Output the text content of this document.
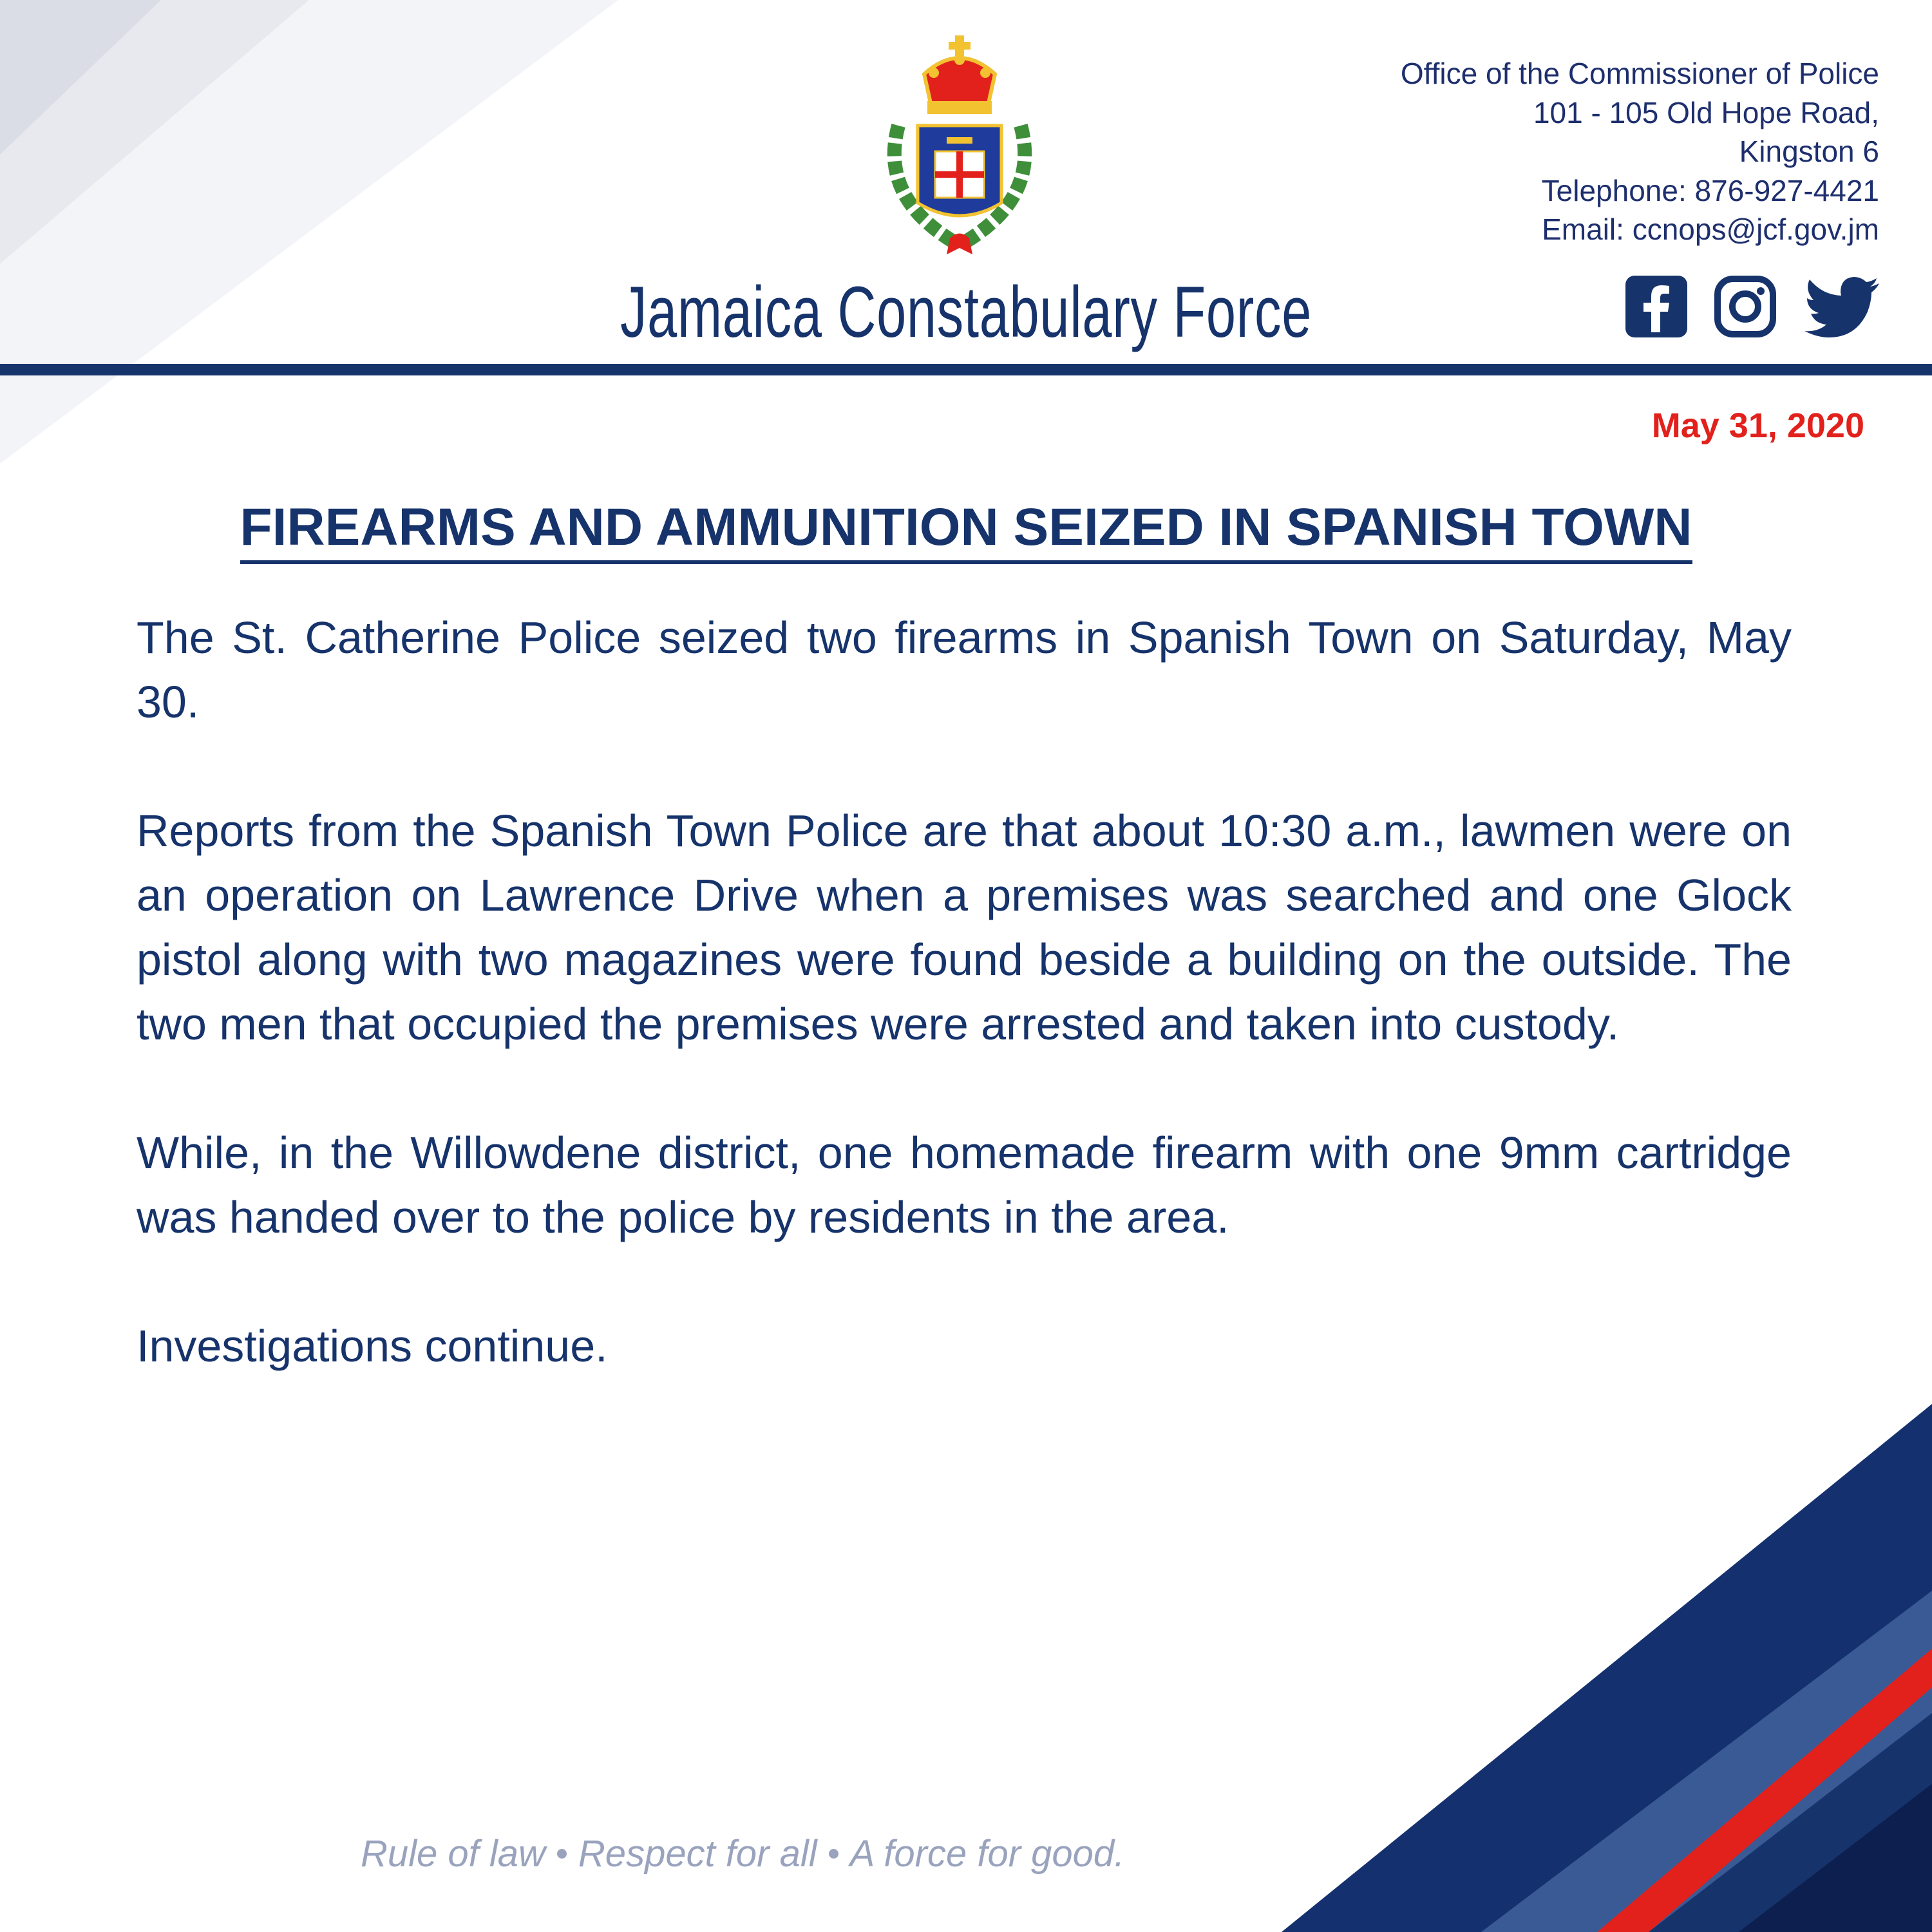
Office of the Commissioner of Police
101 - 105 Old Hope Road,
Kingston 6
Telephone: 876-927-4421
Email: ccnops@jcf.gov.jm
Jamaica Constabulary Force
May 31, 2020
FIREARMS AND AMMUNITION SEIZED IN SPANISH TOWN

The St. Catherine Police seized two firearms in Spanish Town on Saturday, May 30.

Reports from the Spanish Town Police are that about 10:30 a.m., lawmen were on an operation on Lawrence Drive when a premises was searched and one Glock pistol along with two magazines were found beside a building on the outside. The two men that occupied the premises were arrested and taken into custody.

While, in the Willowdene district, one homemade firearm with one 9mm cartridge was handed over to the police by residents in the area.

Investigations continue.

Rule of law Respect for all A force for good.
